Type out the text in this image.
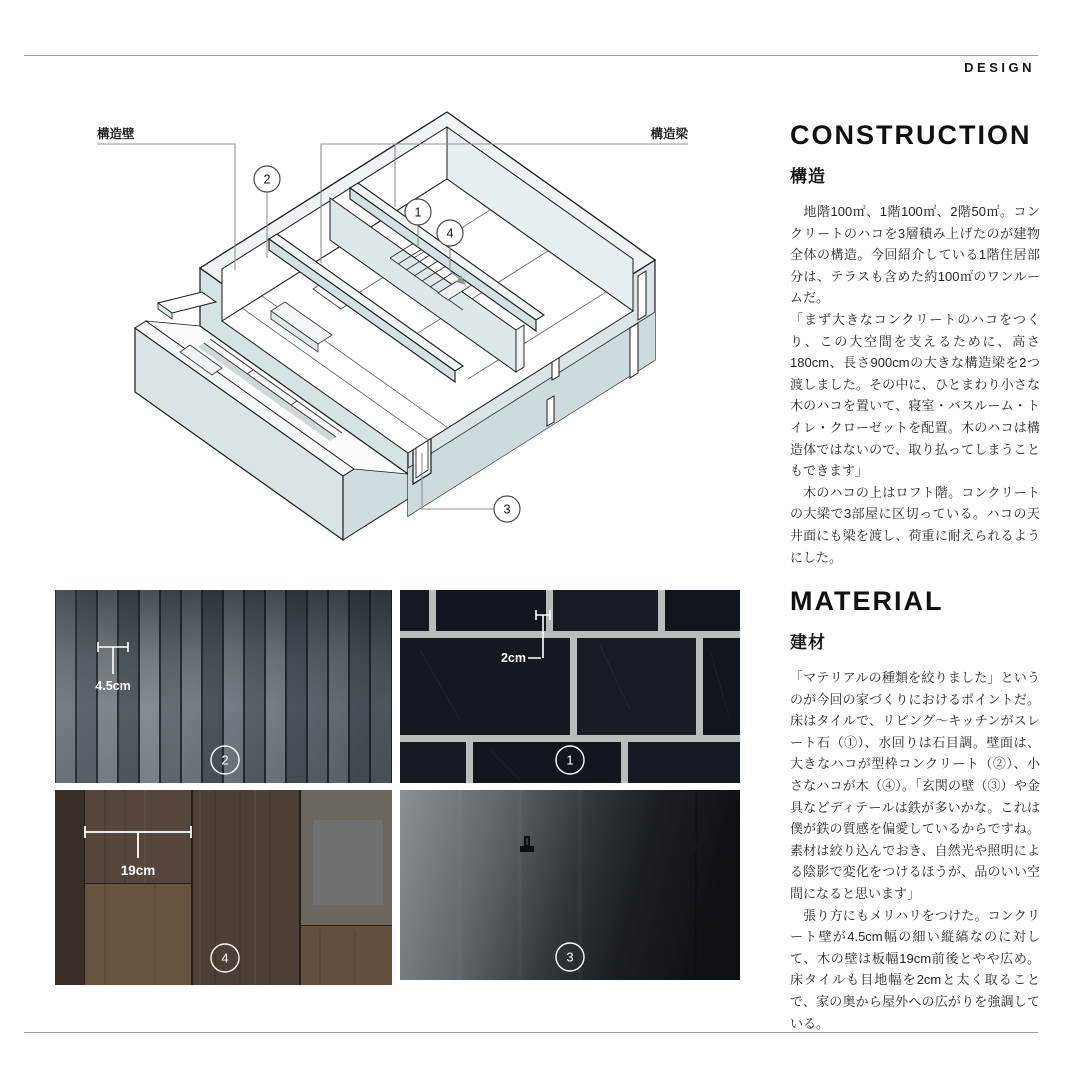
DESIGN
構造壁	構造梁
2
1
4
3
4.5cm
2
2cm
1
19cm
4	3
CONSTRUCTION
構造

　地階100㎡、1階100㎡、2階50㎡。コンクリートのハコを3層積み上げたのが建物全体の構造。今回紹介している1階住居部分は、テラスも含めた約100㎡のワンルームだ。

「まず大きなコンクリートのハコをつくり、この大空間を支えるために、高さ180cm、長さ900cmの大きな構造梁を2つ渡しました。その中に、ひとまわり小さな木のハコを置いて、寝室・バスルーム・トイレ・クローゼットを配置。木のハコは構造体ではないので、取り払ってしまうこともできます」

　木のハコの上はロフト階。コンクリートの大梁で3部屋に区切っている。ハコの天井面にも梁を渡し、荷重に耐えられるようにした。

MATERIAL
建材

「マテリアルの種類を絞りました」というのが今回の家づくりにおけるポイントだ。床はタイルで、リビング〜キッチンがスレート石（①）、水回りは石目調。壁面は、大きなハコが型枠コンクリート（②）、小さなハコが木（④）。「玄関の壁（③）や金具などディテールは鉄が多いかな。これは僕が鉄の質感を偏愛しているからですね。素材は絞り込んでおき、自然光や照明による陰影で変化をつけるほうが、品のいい空間になると思います」

　張り方にもメリハリをつけた。コンクリート壁が4.5cm幅の細い縦縞なのに対して、木の壁は板幅19cm前後とやや広め。床タイルも目地幅を2cmと太く取ることで、家の奥から屋外への広がりを強調している。
